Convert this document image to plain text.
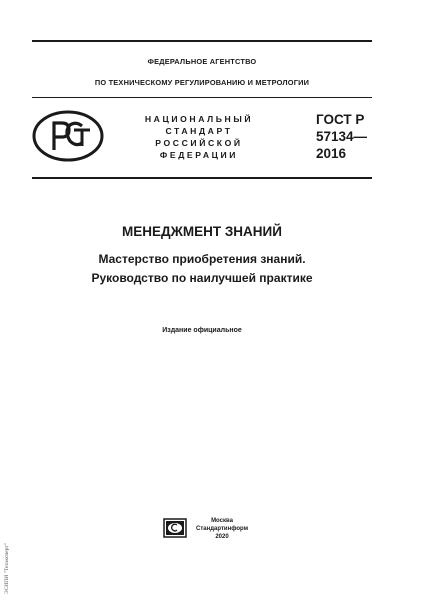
ФЕДЕРАЛЬНОЕ АГЕНТСТВО
ПО ТЕХНИЧЕСКОМУ РЕГУЛИРОВАНИЮ И МЕТРОЛОГИИ
НАЦИОНАЛЬНЫЙ
СТАНДАРТ
РОССИЙСКОЙ
ФЕДЕРАЦИИ
ГОСТ Р
57134—
2016
МЕНЕДЖМЕНТ ЗНАНИЙ
Мастерство приобретения знаний.
Руководство по наилучшей практике
Издание официальное
Москва
Стандартинформ
2020
ЭСИПИ "Техэксперт"
